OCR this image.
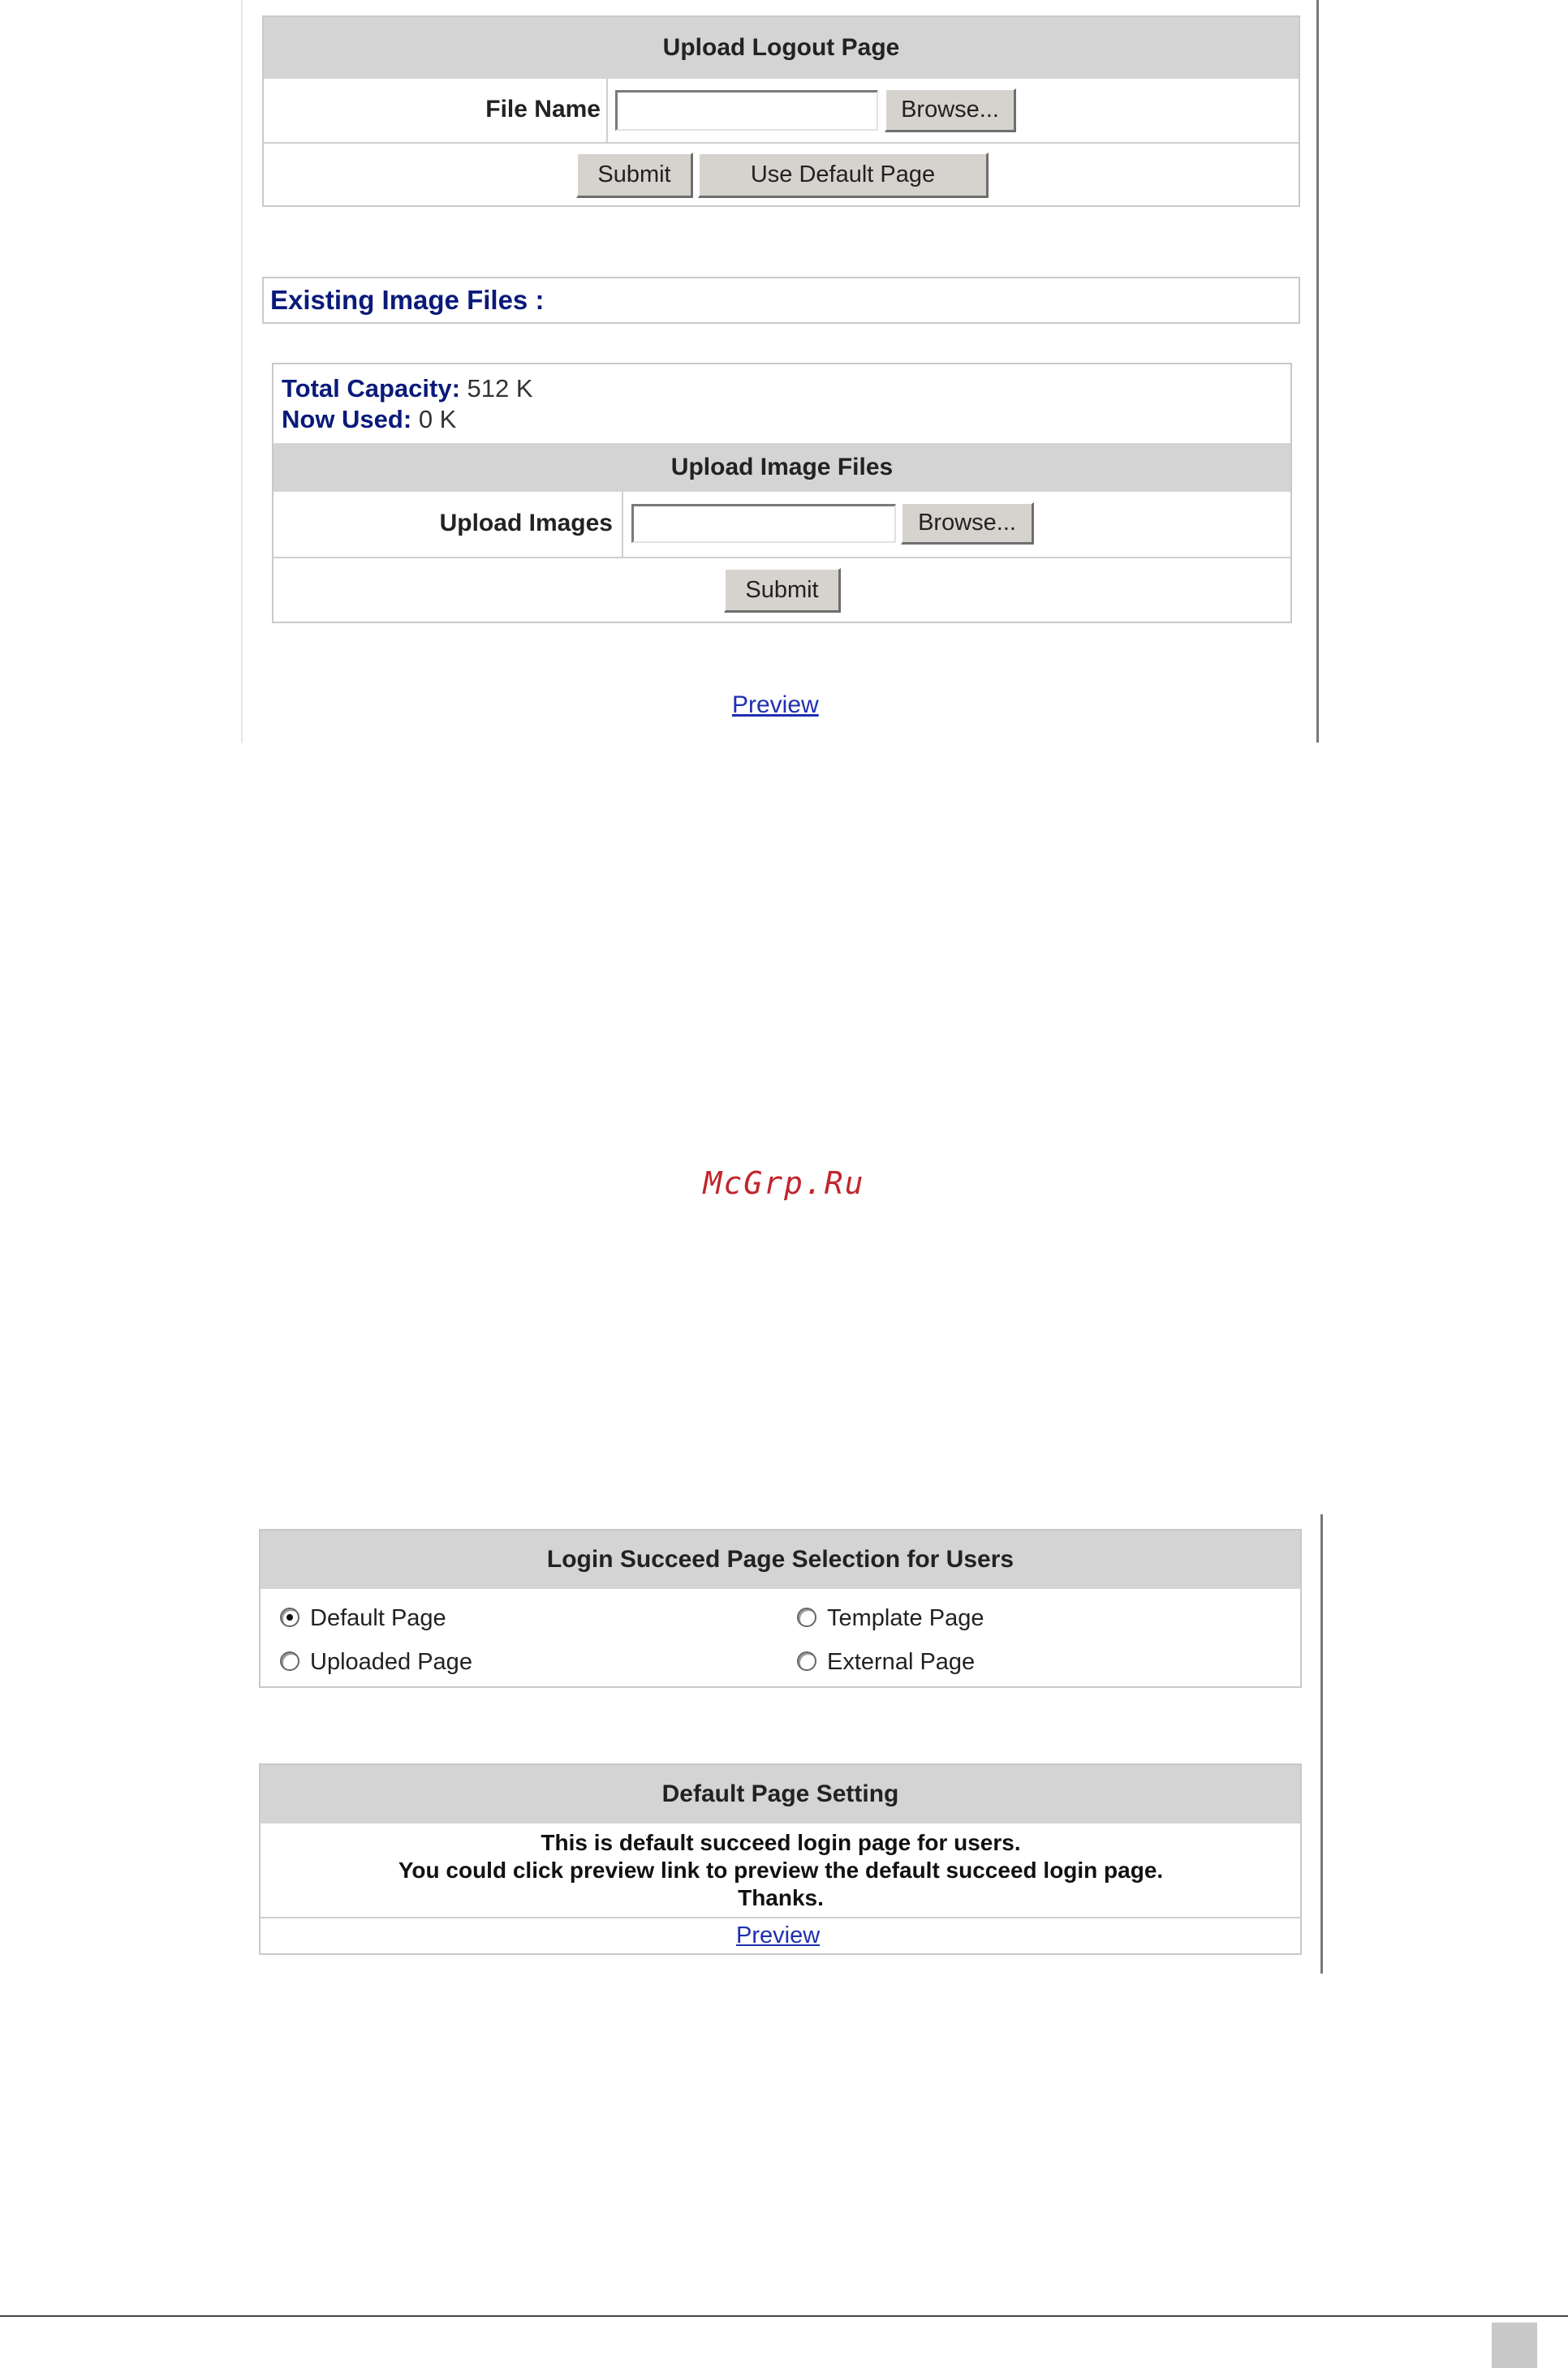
Upload Logout Page
File Name	Browse...
Submit	Use Default Page
Existing Image Files :
Total Capacity: 512 K
Now Used: 0 K
Upload Image Files
Upload Images	Browse...
Submit
Preview
McGrp.Ru
Login Succeed Page Selection for Users
Default Page	Template Page
Uploaded Page	External Page
Default Page Setting
This is default succeed login page for users.
You could click preview link to preview the default succeed login page.
Thanks.
Preview
